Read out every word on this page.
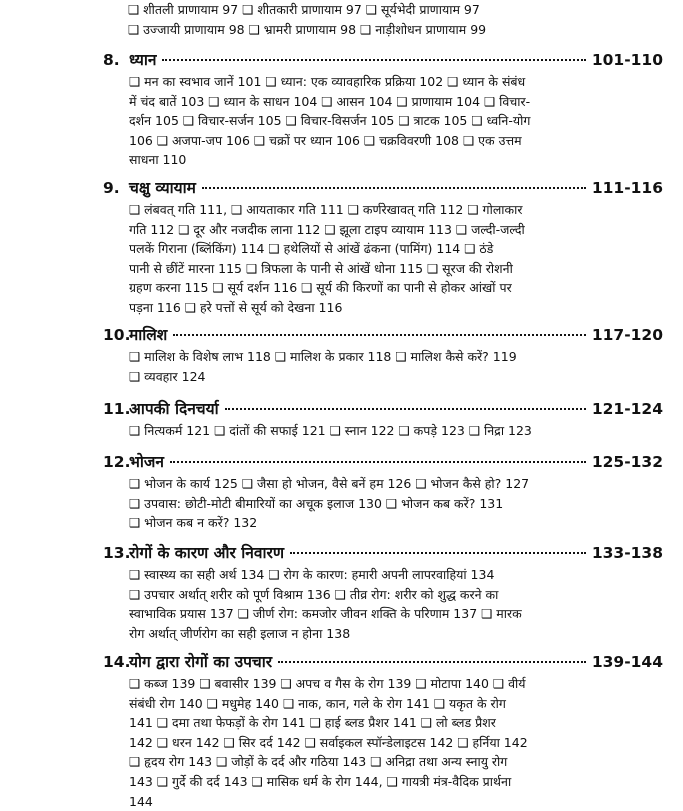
❑ शीतली प्राणायाम 97 ❑ शीतकारी प्राणायाम 97 ❑ सूर्यभेदी प्राणायाम 97
❑ उज्जायी प्राणायाम 98 ❑ भ्रामरी प्राणायाम 98 ❑ नाड़ीशोधन प्राणायाम 99
8. ध्यान	101-110
❑ मन का स्वभाव जानें 101 ❑ ध्यान: एक व्यावहारिक प्रक्रिया 102 ❑ ध्यान के संबंध
में चंद बातें 103 ❑ ध्यान के साधन 104 ❑ आसन 104 ❑ प्राणायाम 104 ❑ विचार-
दर्शन 105 ❑ विचार-सर्जन 105 ❑ विचार-विसर्जन 105 ❑ त्राटक 105 ❑ ध्वनि-योग
106 ❑ अजपा-जप 106 ❑ चक्रों पर ध्यान 106 ❑ चक्रविवरणी 108 ❑ एक उत्तम
साधना 110
9. चक्षु व्यायाम	111-116
❑ लंबवत् गति 111, ❑ आयताकार गति 111 ❑ कर्णरेखावत् गति 112 ❑ गोलाकार
गति 112 ❑ दूर और नजदीक लाना 112 ❑ झूला टाइप व्यायाम 113 ❑ जल्दी-जल्दी
पलकें गिराना (ब्लिंकिंग) 114 ❑ हथेलियों से आंखें ढंकना (पामिंग) 114 ❑ ठंडे
पानी से छींटें मारना 115 ❑ त्रिफला के पानी से आंखें धोना 115 ❑ सूरज की रोशनी
ग्रहण करना 115 ❑ सूर्य दर्शन 116 ❑ सूर्य की किरणों का पानी से होकर आंखों पर
पड़ना 116 ❑ हरे पत्तों से सूर्य को देखना 116
10.
मालिश	117-120
❑ मालिश के विशेष लाभ 118 ❑ मालिश के प्रकार 118 ❑ मालिश कैसे करें? 119
❑ व्यवहार 124
11.
आपकी दिनचर्या	121-124
❑ नित्यकर्म 121 ❑ दांतों की सफाई 121 ❑ स्नान 122 ❑ कपड़े 123 ❑ निद्रा 123
12.
भोजन	125-132
❑ भोजन के कार्य 125 ❑ जैसा हो भोजन, वैसे बनें हम 126 ❑ भोजन कैसे हो? 127
❑ उपवास: छोटी-मोटी बीमारियों का अचूक इलाज 130 ❑ भोजन कब करें? 131
❑ भोजन कब न करें? 132
13.
रोगों के कारण और निवारण	133-138
❑ स्वास्थ्य का सही अर्थ 134 ❑ रोग के कारण: हमारी अपनी लापरवाहियां 134
❑ उपचार अर्थात् शरीर को पूर्ण विश्राम 136 ❑ तीव्र रोग: शरीर को शुद्ध करने का
स्वाभाविक प्रयास 137 ❑ जीर्ण रोग: कमजोर जीवन शक्ति के परिणाम 137 ❑ मारक
रोग अर्थात् जीर्णरोग का सही इलाज न होना 138
14.
योग द्वारा रोगों का उपचार	139-144
❑ कब्ज 139 ❑ बवासीर 139 ❑ अपच व गैस के रोग 139 ❑ मोटापा 140 ❑ वीर्य
संबंधी रोग 140 ❑ मधुमेह 140 ❑ नाक, कान, गले के रोग 141 ❑ यकृत के रोग
141 ❑ दमा तथा फेफड़ों के रोग 141 ❑ हाई ब्लड प्रैशर 141 ❑ लो ब्लड प्रैशर
142 ❑ धरन 142 ❑ सिर दर्द 142 ❑ सर्वाइकल स्पॉन्डेलाइटस 142 ❑ हर्निया 142
❑ हृदय रोग 143 ❑ जोड़ों के दर्द और गठिया 143 ❑ अनिद्रा तथा अन्य स्नायु रोग
143 ❑ गुर्दे की दर्द 143 ❑ मासिक धर्म के रोग 144, ❑ गायत्री मंत्र-वैदिक प्रार्थना
144
